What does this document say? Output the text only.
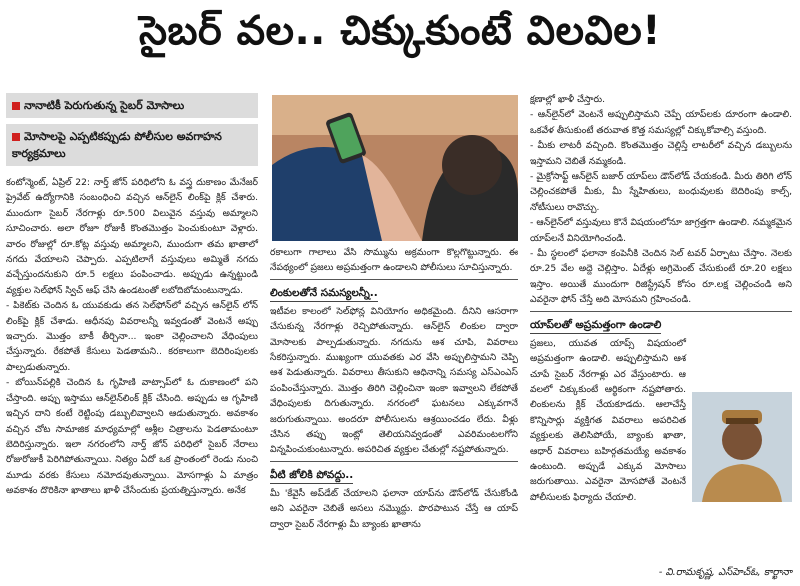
సైబర్ వల.. చిక్కుకుంటే విలవిల!
నానాటికీ పెరుగుతున్న సైబర్ మోసాలు
మోసాలపై ఎప్పటికప్పుడు పోలీసుల అవగాహన కార్యక్రమాలు

కంటోన్మెంట్, ఏప్రిల్ 22: నార్త్ జోన్ పరిధిలోని ఓ వస్త్ర దుకాణం మేనేజర్ ప్రైవేట్ ఉద్యోగానికి సంబంధించి వచ్చిన ఆన్‌లైన్ లింక్‌పై క్లిక్ చేశారు. ముందుగా సైబర్ నేరగాళ్లు రూ.500 విలువైన వస్తువు అమ్మాలని సూచించారు. అలా రోజూ రోజుకీ కొంతమొత్తం పెంచుకుంటూ వెళ్లారు. వారం రోజుల్లో రూ.కోట్ల వస్తువు అమ్మాలని, ముందుగా తమ ఖాతాలో నగదు వేయాలని చెప్పారు. ఎప్పటిలాగే వస్తువులు అమ్మితే నగదు వచ్చేస్తుందనుకుని రూ.5 లక్షలు పంపించాడు. అప్పుడు ఉన్నట్టుండి వ్యక్తుల సెల్‌ఫోన్ స్విచ్ ఆఫ్ చేసి ఉండటంతో లబోదిబోమంటున్నాడు.

- పికెట్‌కు చెందిన ఓ యువకుడు తన సెల్‌ఫోన్‌లో వచ్చిన ఆన్‌లైన్ లోన్ లింక్‌పై క్లిక్ చేశాడు. ఆధీనపు వివరాలన్నీ ఇవ్వడంతో వెంటనే అప్పు ఇచ్చారు. మొత్తం బాకీ తీర్చినా... ఇంకా చెల్లించాలని వేధింపులు చేస్తున్నారు. రేకపోతే కేసులు పెడతామని.. కరకాలుగా బెదిరింపులకు పాల్పడుతున్నారు.

- బోయిన్‌పల్లికి చెందిన ఓ గృహిణి వాట్సాప్‌లో ఓ దుకాణంలో పని చేస్తాంది. అప్పు ఇస్తాము ఆన్‌లైన్‌లింక్ క్లిక్ చేసింది. అప్పుడు ఆ గృహిణి ఇచ్చిన దాని కంటే రెట్టింపు డబ్బులివ్వాలని ఆడుతున్నారు. అవకాశం వచ్చిన చోట సామాజిక మాధ్యమాల్లో ఆశ్లీల చిత్రాలను పెడతామంటూ బెదిరిస్తున్నారు. ఇలా నగరంలోని నార్త్ జోన్ పరిధిలో సైబర్ నేరాలు రోజురోజుకీ పెరిగిపోతున్నాయి. నిత్యం ఏదో ఒక ప్రాంతంలో రెండు నుంచి మూడు వరకు కేసులు నమోదవుతున్నాయి. మోసగాళ్లు ఏ మాత్రం అవకాశం దొరికినా ఖాతాలు ఖాళీ చేసేందుకు ప్రయత్నిస్తున్నారు. అనేక

రకాలుగా గాలాలు వేసి సొమ్మును అక్రమంగా కొల్లగొట్టున్నారు. ఈ నేపథ్యంలో ప్రజలు అప్రమత్తంగా ఉండాలని పోలీసులు సూచిస్తున్నారు.

లింకులతోనే సమస్యలన్నీ..

ఇటీవల కాలంలో సెల్‌ఫోన్ల వినియోగం అధికమైంది. దీనిని ఆసరాగా చేసుకున్న నేరగాళ్లు రెచ్చిపోతున్నారు. ఆన్‌లైన్ లింకుల ద్వారా మోసాలకు పాల్పడుతున్నారు. నగదును ఆశ చూపి, వివరాలు సేకరిస్తున్నారు. ముఖ్యంగా యువతకు ఎర వేసి అప్పులిస్తామని చెప్పి ఆశ పెడుతున్నారు. వివరాలు తీసుకుని ఆధినాన్ని సమస్య ఎస్‌ఎంఎస్ పంపించేస్తున్నారు. మొత్తం తిరిగి చెల్లించినా ఇంకా ఇవ్వాలని లేకపోతే వేధింపులకు దిగుతున్నారు. నగరంలో ఘటనలు ఎక్కువగానే జరుగుతున్నాయి. అందరూ పోలీసులను ఆశ్రయించడం లేదు. వీళ్లు చేసిన తప్పు ఇంట్లో తెలియనివ్వడంతో ఎవరిమంటలగోని విన్నపించుకుంటున్నారు. అపరిచిత వ్యక్తుల చేతుల్లో నష్టపోతున్నారు.

వీటి జోలికి పోవద్దు..

మీ 'కేవైసీ అప్‌డేట్ చేయాలని ఫలానా యాప్‌ను డౌన్‌లోడ్ చేసుకోండి అని ఎవరైనా చెబితే అసలు నమ్మొద్దు. పొరపాటున చేస్తే ఆ యాప్ ద్వారా సైబర్ నేరగాళ్లు మీ బ్యాంకు ఖాతాను

క్షణాల్లో ఖాళీ చేస్తారు.

- ఆన్‌లైన్‌లో వెంటనే అప్పులిస్తామని చెప్పే యాప్‌లకు దూరంగా ఉండాలి. ఒకవేళ తీసుకుంటే తరువాత కొత్త సమస్యల్లో చిక్కుకోవాల్సి వస్తుంది.

- మీకు లాటరీ వచ్చింది. కొంతమొత్తం చెల్లిస్తే లాటరీలో వచ్చిన డబ్బులను ఇస్తామని చెబితే నమ్మకండి.

- మైక్రోసాఫ్ట్ ఆన్‌లైన్ బజార్ యాప్‌లు డౌన్‌లోడ్ చేయకండి. మీరు తిరిగి లోన్ చెల్లించకపోతే మీకు, మీ స్నేహితులు, బంధువులకు బెదిరింపు కాల్స్, నోటీసులు రావొచ్చు.

- ఆన్‌లైన్‌లో వస్తువులు కొనే విషయంలోనూ జాగ్రత్తగా ఉండాలి. నమ్మకమైన యాప్‌లనే వినియోగించండి.

- మీ స్థలంలో ఫలానా కంపెనీకి చెందిన సెల్ టవర్ ఏర్పాటు చేస్తాం. నెలకు రూ.25 వేల అద్దె చెల్లిస్తాం. ఏదేళ్లు అగ్రిమెంట్ చేసుకుంటే రూ.20 లక్షలు ఇస్తాం. అయితే ముందుగా రిజిస్ట్రేషన్ కోసం రూ.లక్ష చెల్లించండి అని ఎవరైనా ఫోన్ చేస్తే అది మోసమని గ్రహించండి.

యాప్‌లతో అప్రమత్తంగా ఉండాలి

ప్రజలు, యువత యాప్స్ విషయంలో అప్రమత్తంగా ఉండాలి. అప్పులిస్తామని ఆశ చూపే సైబర్ నేరగాళ్లు ఎర వేస్తుంటారు. ఆ వలలో చిక్కుకుంటే ఆర్థికంగా నష్టపోతారు. లింకులను క్లిక్ చేయకూడదు. ఆలాచేస్తే కొన్నిసార్లు వ్యక్తిగత వివరాలు అపరిచిత వ్యక్తులకు తెలిసిపోయే, బ్యాంకు ఖాతా, ఆధార్ వివరాలు బహిర్గతమయ్యే అవకాశం ఉంటుంది. అప్పుడే ఎక్కువ మోసాలు జరుగుతాయి. ఎవరైనా మోసపోతే వెంటనే పోలీసులకు ఫిర్యాదు చేయాలి.

- వి.రామకృష్ణ, ఎస్‌హెచ్‌ఓ, కార్ఖానా
